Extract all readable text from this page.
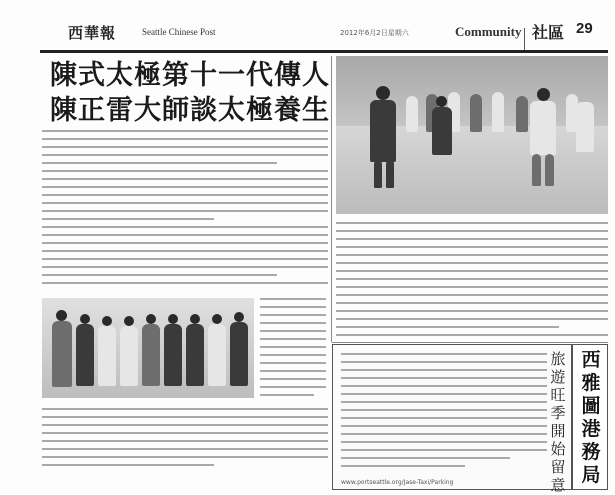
西華報	Seattle Chinese Post	2012年6月2日星期六	Community 社區 29
陳式太極第十一代傳人
陳正雷大師談太極養生
www.portseattle.org/Jase-Taxi/Parking
旅遊旺季開始留意
西雅圖港務局
